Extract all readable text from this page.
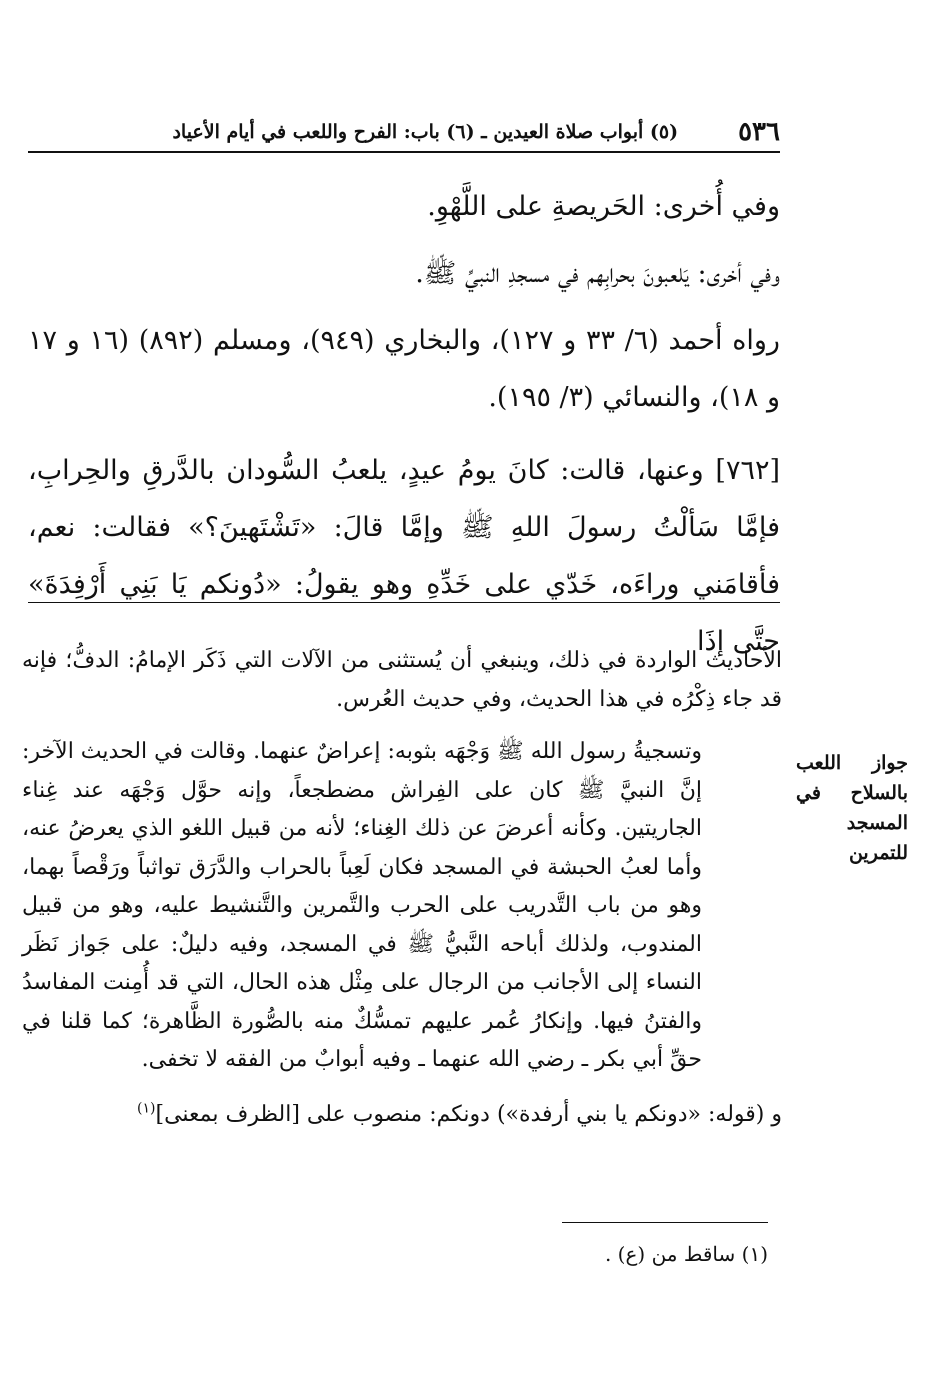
٥٣٦
(٥) أبواب صلاة العيدين ـ (٦) باب: الفرح واللعب في أيام الأعياد

وفي أُخرى: الحَريصةِ على اللَّهْوِ.

وفي أخرى: يَلعبونَ بحرابِهم في مسجدِ النبيِّ ﷺ.

رواه أحمد (٦/ ٣٣ و ١٢٧)، والبخاري (٩٤٩)، ومسلم (٨٩٢) (١٦ و ١٧ و ١٨)، والنسائي (٣/ ١٩٥).

[٧٦٢] وعنها، قالت: كانَ يومُ عيدٍ، يلعبُ السُّودان بالدَّرقِ والحِرابِ، فإمَّا سَألْتُ رسولَ اللهِ ﷺ وإمَّا قالَ: «تَشْتَهينَ؟» فقالت: نعم، فأقامَني وراءَه، خَدّي على خَدِّهِ وهو يقولُ: «دُونكم يَا بَنِي أَرْفِدَةَ» حتَّى إذَا

الأحاديث الواردة في ذلك، وينبغي أن يُستثنى من الآلات التي ذَكَر الإمامُ: الدفُّ؛ فإنه قد جاء ذِكْرُه في هذا الحديث، وفي حديث العُرس.

وتسجيةُ رسول الله ﷺ وَجْهَه بثوبه: إعراضٌ عنهما. وقالت في الحديث الآخر: إنَّ النبيَّ ﷺ كان على الفِراش مضطجعاً، وإنه حوَّل وَجْهَه عند غِناء الجاريتين. وكأنه أعرضَ عن ذلك الغِناء؛ لأنه من قبيل اللغو الذي يعرضُ عنه، وأما لعبُ الحبشة في المسجد فكان لَعِباً بالحراب والدَّرَق تواثباً ورَقْصاً بهما، وهو من باب التَّدريب على الحرب والتَّمرين والتَّنشيط عليه، وهو من قبيل المندوب، ولذلك أباحه النَّبيُّ ﷺ في المسجد، وفيه دليلٌ: على جَواز نَظَر النساء إلى الأجانب من الرجال على مِثْل هذه الحال، التي قد أُمِنت المفاسدُ والفتنُ فيها. وإنكارُ عُمر عليهم تمسُّكٌ منه بالصُّورة الظَّاهرة؛ كما قلنا في حقِّ أبي بكر ـ رضي الله عنهما ـ وفيه أبوابٌ من الفقه لا تخفى.

و (قوله: «دونكم يا بني أرفدة») دونكم: منصوب على [الظرف بمعنى]$^{(١)}$

جواز اللعب بالسلاح في المسجد للتمرين
(١) ساقط من (ع) .
